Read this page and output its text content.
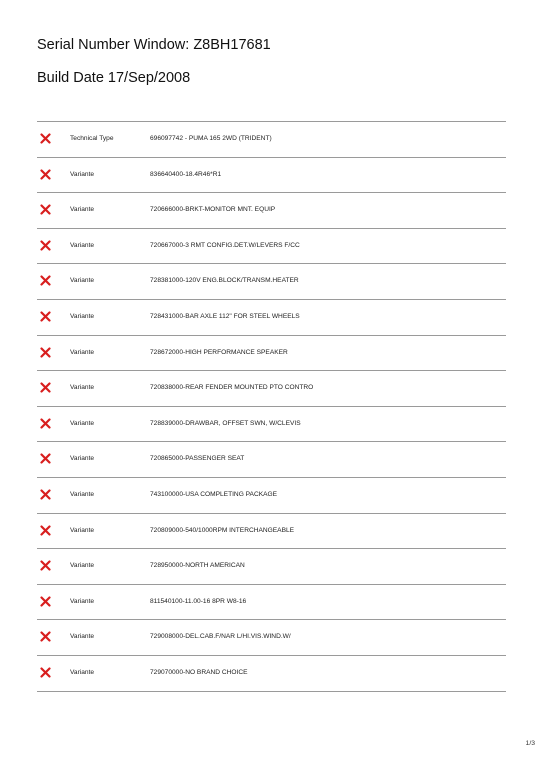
Serial Number Window: Z8BH17681
Build Date 17/Sep/2008
Technical Type	696097742 - PUMA 165 2WD (TRIDENT)
Variante	836640400-18.4R46*R1
Variante	720666000-BRKT-MONITOR MNT. EQUIP
Variante	720667000-3 RMT CONFIG.DET.W/LEVERS F/CC
Variante	728381000-120V ENG.BLOCK/TRANSM.HEATER
Variante	728431000-BAR AXLE 112" FOR STEEL WHEELS
Variante	728672000-HIGH PERFORMANCE SPEAKER
Variante	720838000-REAR FENDER MOUNTED PTO CONTRO
Variante	728839000-DRAWBAR, OFFSET SWN, W/CLEVIS
Variante	720865000-PASSENGER SEAT
Variante	743100000-USA COMPLETING PACKAGE
Variante	720809000-540/1000RPM INTERCHANGEABLE
Variante	728950000-NORTH AMERICAN
Variante	811540100-11.00-16 8PR W8-16
Variante	729008000-DEL.CAB.F/NAR L/HI.VIS.WIND.W/
Variante	729070000-NO BRAND CHOICE
1/3
